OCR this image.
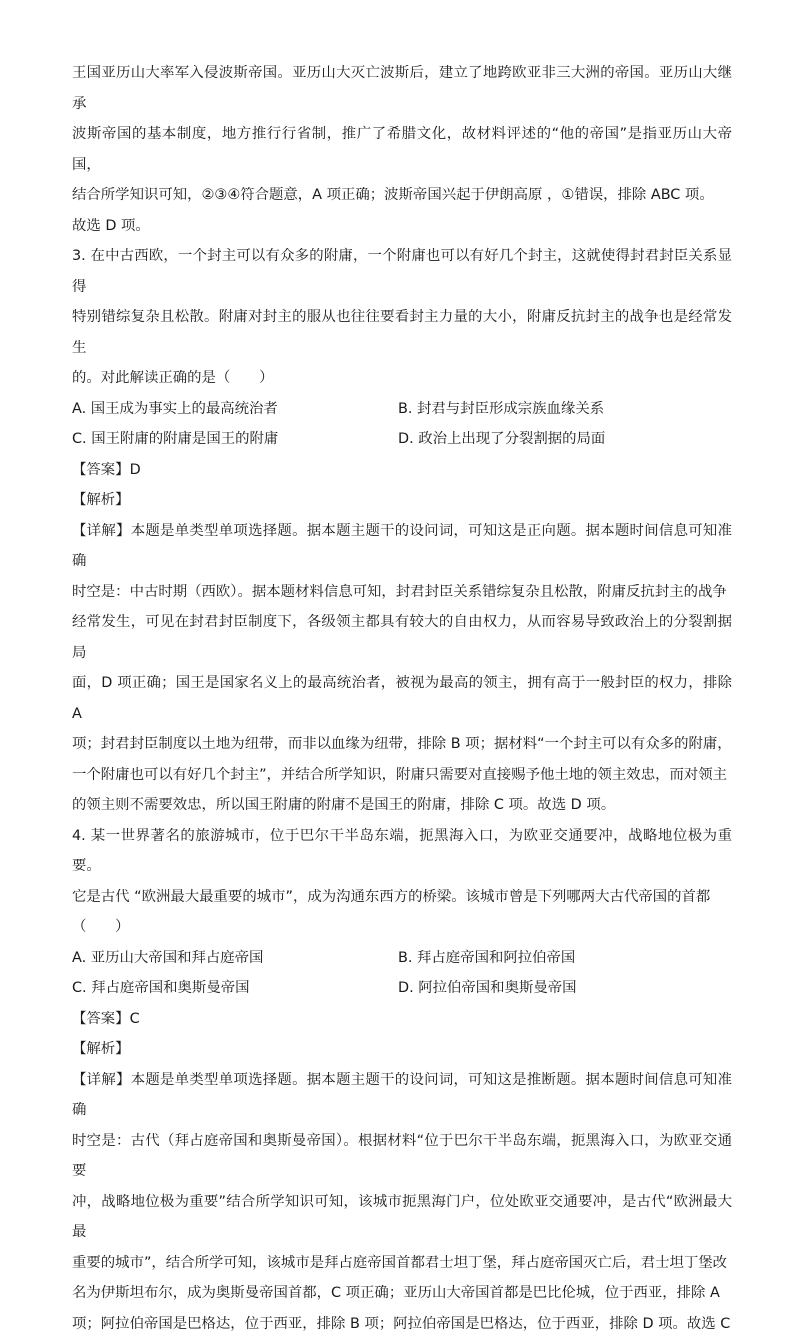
王国亚历山大率军入侵波斯帝国。亚历山大灭亡波斯后，建立了地跨欧亚非三大洲的帝国。亚历山大继承

波斯帝国的基本制度，地方推行行省制，推广了希腊文化，故材料评述的“他的帝国”是指亚历山大帝国，

结合所学知识可知，②③④符合题意，A 项正确；波斯帝国兴起于伊朗高原 ，①错误，排除 ABC 项。

故选 D 项。

3. 在中古西欧，一个封主可以有众多的附庸，一个附庸也可以有好几个封主，这就使得封君封臣关系显得

特别错综复杂且松散。附庸对封主的服从也往往要看封主力量的大小，附庸反抗封主的战争也是经常发生

的。对此解读正确的是（　　）

A. 国王成为事实上的最高统治者	B. 封君与封臣形成宗族血缘关系
C. 国王附庸的附庸是国王的附庸	D. 政治上出现了分裂割据的局面

【答案】D

【解析】

【详解】本题是单类型单项选择题。据本题主题干的设问词，可知这是正向题。据本题时间信息可知准确

时空是：中古时期（西欧）。据本题材料信息可知，封君封臣关系错综复杂且松散，附庸反抗封主的战争

经常发生，可见在封君封臣制度下，各级领主都具有较大的自由权力，从而容易导致政治上的分裂割据局

面，D 项正确；国王是国家名义上的最高统治者，被视为最高的领主，拥有高于一般封臣的权力，排除 A

项；封君封臣制度以土地为纽带，而非以血缘为纽带，排除 B 项；据材料“一个封主可以有众多的附庸，

一个附庸也可以有好几个封主”，并结合所学知识，附庸只需要对直接赐予他土地的领主效忠，而对领主

的领主则不需要效忠，所以国王附庸的附庸不是国王的附庸，排除 C 项。故选 D 项。

4. 某一世界著名的旅游城市，位于巴尔干半岛东端，扼黑海入口，为欧亚交通要冲，战略地位极为重要。

它是古代 “欧洲最大最重要的城市”，成为沟通东西方的桥梁。该城市曾是下列哪两大古代帝国的首都

（　　）

A. 亚历山大帝国和拜占庭帝国	B. 拜占庭帝国和阿拉伯帝国
C. 拜占庭帝国和奥斯曼帝国	D. 阿拉伯帝国和奥斯曼帝国

【答案】C

【解析】

【详解】本题是单类型单项选择题。据本题主题干的设问词，可知这是推断题。据本题时间信息可知准确

时空是：古代（拜占庭帝国和奥斯曼帝国）。根据材料“位于巴尔干半岛东端，扼黑海入口，为欧亚交通要

冲，战略地位极为重要”结合所学知识可知，该城市扼黑海门户，位处欧亚交通要冲，是古代“欧洲最大最

重要的城市”，结合所学可知，该城市是拜占庭帝国首都君士坦丁堡，拜占庭帝国灭亡后，君士坦丁堡改

名为伊斯坦布尔，成为奥斯曼帝国首都，C 项正确；亚历山大帝国首都是巴比伦城，位于西亚，排除 A

项；阿拉伯帝国是巴格达，位于西亚，排除 B 项；阿拉伯帝国是巴格达，位于西亚，排除 D 项。故选 C
